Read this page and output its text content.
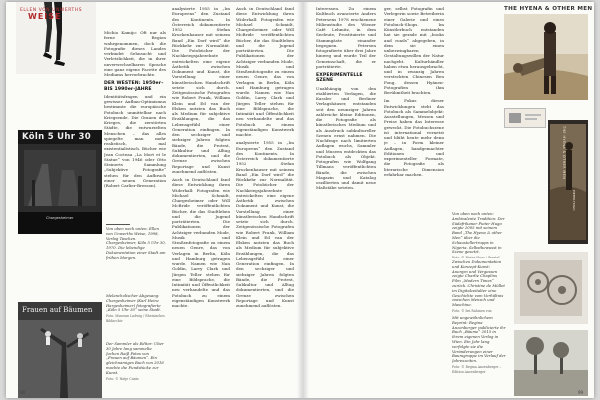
ELLEN VON UNWERTHS
WEISE
Köln 5 Uhr 30
Chargesheimer
Frauen auf Bäumen

Michio Kamijo: Oft nur als ferne Region wahrgenommen, doch die Fotografie dieses Landes verbindet Sehnsucht und Verletzlichkeit, die in ihrer unverwechselbaren Sprache eine ganz eigene Facette des Mediums hervorbrachte.

DER WESTEN: 1950er–BIS 1990er-JAHRE

Identitätsfragen und ein gewisser Aufbau-Optimismus bestimmte die europäische Fotobuch unmittelbar nach Kriegsende. Die Grauen des Krieges, die zerstörten Städte, die entwurzelten Menschen – das alles spiegelte man mehr realistisch, mal existentialistisch. Bücher wie Jean Cocteau „La Mort et le Statue“ von 1946 oder Otto Steinerts Sammlung „Subjektive Fotografie“ stehen für den Aufbruch einer neuen Generation (Robert Carlier-Bresson).

Von oben nach unten: Ellen von Unwerths Weise, 1998, Verlag Taschen. Chargesheimer, Köln 5 Uhr 30, 1970. Die lebendige Dokumentation einer Stadt am frühen Morgen.
Melancholischer Abgesang: Chargesheimer (Karl Heinz Hargesheimer) fotografierte „Köln 5 Uhr 30“ seine Stadt.
Foto: Museum Ludwig / Rheinisches Bildarchiv
Der Sammler als Editor: Über 30 Jahre lang sammelte Jochen Raiß Fotos von „Frauen auf Bäumen“. Ein gleichnamiges Buch von 2016 machte die Fundstücke zur Kunst.
Foto: © Hatje Cantz

analysierte 1955 in „Im Europeens“ den Zustand des Kontinents. In Österreich dokumentierte 1952 Stefan Kruckenhauser mit seinem Band „Ein Dorf wird“ die Rückkehr zur Normalität. Die Fotobücher der Nachkriegsjahrzehnte entwickelten eine eigene Ästhetik zwischen Dokument und Kunst, die Vorstellung einer künstlerischen Handschrift setzte sich durch. Zeitgenössische Fotografen wie Robert Frank, William Klein und Ed van der Elsken nutzten das Buch als Medium für subjektive Erzählungen, die das Lebensgefühl einer Generation einfingen. In den sechziger und siebziger Jahren folgten Bände, die Protest, Subkultur und Alltag dokumentierten, und die Grenze zwischen Reportage und Kunst zunehmend auflösten.

Auch in Deutschland fand diese Entwicklung ihren Widerhall: Fotografen wie Michael Schmidt, Chargesheimer oder Will McBride veröffentlichten Bücher, die das Stadtleben und die Jugend porträtierten. Die Publikationen der Achtziger verbanden Mode, Musik und Straßenfotografie zu einem neuen Genre, das von Verlagen in Berlin, Köln und Hamburg getragen wurde. Namen wie Nan Goldin, Larry Clark und Jürgen Teller stehen für eine Bildsprache, die Intimität und Öffentlichkeit neu verhandelte und das Fotobuch zu einem eigenständigen Kunstwerk machte.

Auch in Deutschland fand diese Entwicklung ihren Widerhall: Fotografen wie Michael Schmidt, Chargesheimer oder Will McBride veröffentlichten Bücher, die das Stadtleben und die Jugend porträtierten. Die Publikationen der Achtziger verbanden Mode, Musik und Straßenfotografie zu einem neuen Genre, das von Verlagen in Berlin, Köln und Hamburg getragen wurde. Namen wie Nan Goldin, Larry Clark und Jürgen Teller stehen für eine Bildsprache, die Intimität und Öffentlichkeit neu verhandelte und das Fotobuch zu einem eigenständigen Kunstwerk machte.

analysierte 1955 in „Im Europeens“ den Zustand des Kontinents. In Österreich dokumentierte 1952 Stefan Kruckenhauser mit seinem Band „Ein Dorf wird“ die Rückkehr zur Normalität. Die Fotobücher der Nachkriegsjahrzehnte entwickelten eine eigene Ästhetik zwischen Dokument und Kunst, die Vorstellung einer künstlerischen Handschrift setzte sich durch. Zeitgenössische Fotografen wie Robert Frank, William Klein und Ed van der Elsken nutzten das Buch als Medium für subjektive Erzählungen, die das Lebensgefühl einer Generation einfingen. In den sechziger und siebziger Jahren folgten Bände, die Protest, Subkultur und Alltag dokumentierten, und die Grenze zwischen Reportage und Kunst zunehmend auflösten.

98

Interessen. Zu einem Kultbuch avancierte Anders Petersens 1978 erschienene Milieustudie des Wiener Café Lehmitz, in dem Seeleute, Prostituierte und Stammgäste einander begegnen. Petersen fotografierte über drei Jahre hinweg und wurde Teil der Gemeinschaft, die er porträtierte.

EXPERIMENTELLE SZENE

Unabhängig von den etablierten Verlagen, die Kassler und Berliner Verlagshäuser, entstanden seit den neunziger Jahren zahlreiche kleine Editionen, die Fotografie als künstlerisches Medium und als Ausdruck subkultureller Szenen ernst nahmen. Die Nachfrage nach limitierten Auflagen wuchs, Sammler und Museen entdeckten das Fotobuch als Objekt. Fotografen wie Wolfgang Tillmans veröffentlichten Bände, die zwischen Magazin und Katalog oszillierten und damit neue Maßstäbe setzten.

ger, selbst Fotografin und Verlegerin sowie Betreiberin einer Galerie und eines Fotobuch-Shops. Im Künstlerbuch entstanden hat sie gerade mit „books and roads“ abgegeben, in dem sie einen unbezwingbaren Gestaltungswillen der Natur nachgeht. Kulturhändler haben etwa herausgebracht, und in zwanzig Jahren versteckten Chinesen Ben Fong, dessen Hyänen-Fotografien ihm Berühmtheit brachten.

Im Fokus dieser Entwicklungen steht das Fotobuch als Sammelobjekt: Ausstellungen, Messen und Preise haben das Interesse geweckt. Die Fotobuchszene ist international vernetzt und blüht heute mehr denn je – in Form kleiner Auflagen, handgemachter Editionen und experimenteller Formate, die Fotografie als literarische Dimension erfahrbar machen.

THE HYENA & OTHER MEN
THE HYENA & OTHER MEN
PIETER HUGO
Von oben nach unten: Ambivalente Tradition: Der Südafrikaner Pieter Hugo zeigte 2005 mit seinem Band „The Hyena & other Men“ über die Schaustellertrupps in Nigeria. Selbstbewusst in Szene gesetzt.
Zwischen Dokumentation und Konzept-Kunst: Anonym und Vergessen zeigte Charlie Chaplins Film „Modern Times“ zurück. Christine de Müllet im Digitalzeitalter eine Geschichte vom Verhältnis zwischen Mensch und Maschine.
Foto: © bei Rahmen von
Mit ungewöhnlichem Reprint: Regina Anzenberger publizierte ihr Buch „Bäume“ 2015 in ihrem eigenen Verlag in Wien. Ein Jahr lang verfolgte sie die Veränderungen einer Baumgruppe im Verlauf der Jahreszeiten.
Foto: © Regina Anzenberger – Edition Anzenberger
99
